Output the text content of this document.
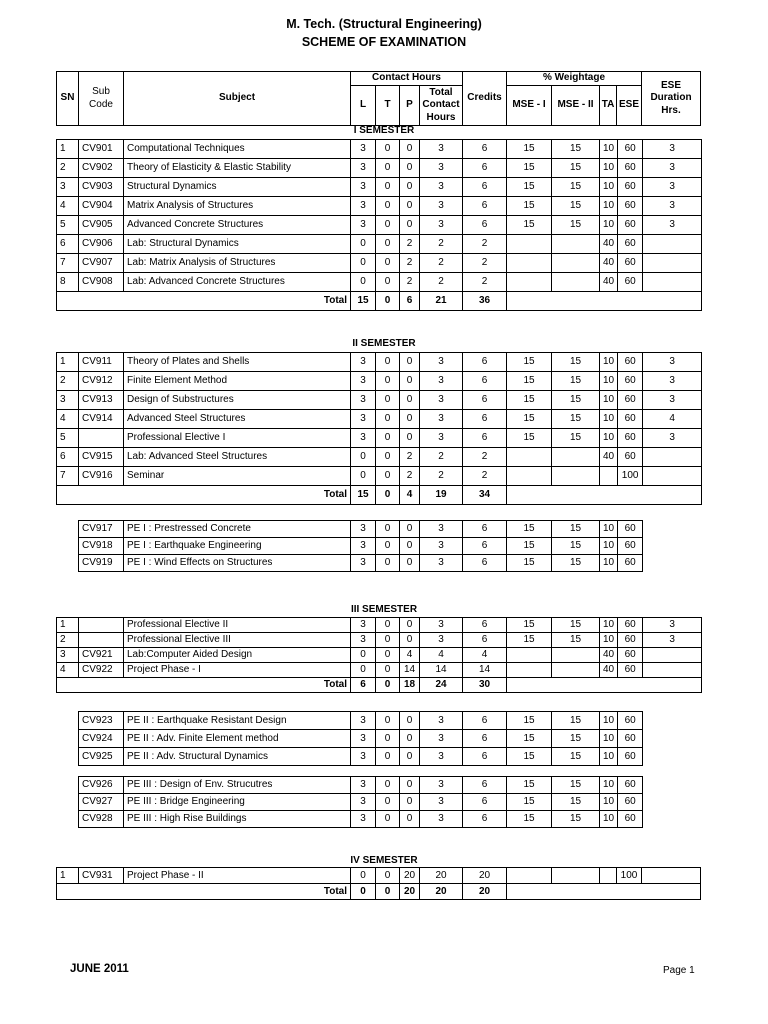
M. Tech. (Structural Engineering)
SCHEME OF EXAMINATION
SN	Sub Code	Subject	Contact Hours				Credits	% Weightage				ESE Duration Hrs.
			L	T	P	Total Contact Hours		MSE - I	MSE - II	TA	ESE	
I SEMESTER
1	CV901	Computational Techniques	3	0	0	3	6	15	15	10	60	3
2	CV902	Theory of Elasticity & Elastic Stability	3	0	0	3	6	15	15	10	60	3
3	CV903	Structural Dynamics	3	0	0	3	6	15	15	10	60	3
4	CV904	Matrix Analysis of Structures	3	0	0	3	6	15	15	10	60	3
5	CV905	Advanced Concrete Structures	3	0	0	3	6	15	15	10	60	3
6	CV906	Lab: Structural Dynamics	0	0	2	2	2			40	60	
7	CV907	Lab: Matrix Analysis of Structures	0	0	2	2	2			40	60	
8	CV908	Lab: Advanced Concrete Structures	0	0	2	2	2			40	60	
Total			15	0	6	21	36					
II SEMESTER
1	CV911	Theory of Plates and Shells	3	0	0	3	6	15	15	10	60	3
2	CV912	Finite Element Method	3	0	0	3	6	15	15	10	60	3
3	CV913	Design of Substructures	3	0	0	3	6	15	15	10	60	3
4	CV914	Advanced Steel Structures	3	0	0	3	6	15	15	10	60	4
5		Professional Elective I	3	0	0	3	6	15	15	10	60	3
6	CV915	Lab: Advanced Steel Structures	0	0	2	2	2			40	60	
7	CV916	Seminar	0	0	2	2	2				100	
Total			15	0	4	19	34					
CV917	PE I : Prestressed Concrete	3	0	0	3	6	15	15	10	60
CV918	PE I : Earthquake Engineering	3	0	0	3	6	15	15	10	60
CV919	PE I : Wind Effects on Structures	3	0	0	3	6	15	15	10	60
III SEMESTER
1		Professional Elective II	3	0	0	3	6	15	15	10	60	3
2		Professional Elective III	3	0	0	3	6	15	15	10	60	3
3	CV921	Lab:Computer Aided Design	0	0	4	4	4			40	60	
4	CV922	Project Phase - I	0	0	14	14	14			40	60	
Total			6	0	18	24	30					
CV923	PE II : Earthquake Resistant Design	3	0	0	3	6	15	15	10	60
CV924	PE II : Adv. Finite Element method	3	0	0	3	6	15	15	10	60
CV925	PE II : Adv. Structural Dynamics	3	0	0	3	6	15	15	10	60
CV926	PE III : Design of Env. Strucutres	3	0	0	3	6	15	15	10	60
CV927	PE III : Bridge Engineering	3	0	0	3	6	15	15	10	60
CV928	PE III : High Rise Buildings	3	0	0	3	6	15	15	10	60
IV SEMESTER
1	CV931	Project Phase - II	0	0	20	20	20				100	
Total			0	0	20	20	20					
JUNE 2011	Page 1
